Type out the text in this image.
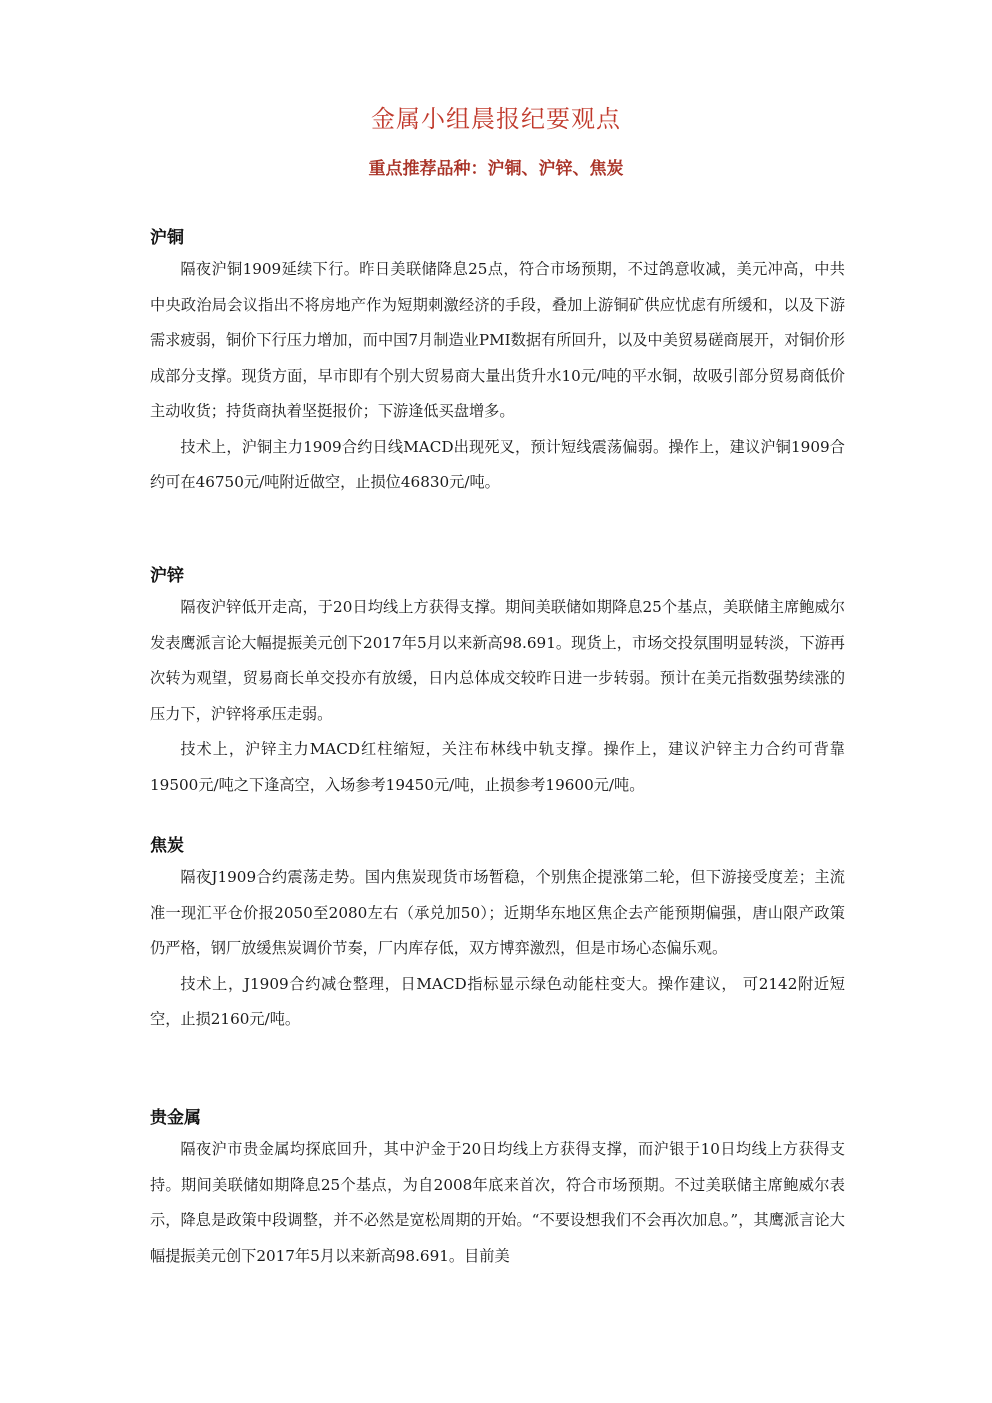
金属小组晨报纪要观点
重点推荐品种：沪铜、沪锌、焦炭
沪铜

隔夜沪铜1909延续下行。昨日美联储降息25点，符合市场预期，不过鸽意收减，美元冲高，中共中央政治局会议指出不将房地产作为短期刺激经济的手段，叠加上游铜矿供应忧虑有所缓和，以及下游需求疲弱，铜价下行压力增加，而中国7月制造业PMI数据有所回升，以及中美贸易磋商展开，对铜价形成部分支撑。现货方面，早市即有个别大贸易商大量出货升水10元/吨的平水铜，故吸引部分贸易商低价主动收货；持货商执着坚挺报价；下游逢低买盘增多。

技术上，沪铜主力1909合约日线MACD出现死叉，预计短线震荡偏弱。操作上，建议沪铜1909合约可在46750元/吨附近做空，止损位46830元/吨。

沪锌

隔夜沪锌低开走高，于20日均线上方获得支撑。期间美联储如期降息25个基点，美联储主席鲍威尔发表鹰派言论大幅提振美元创下2017年5月以来新高98.691。现货上，市场交投氛围明显转淡，下游再次转为观望，贸易商长单交投亦有放缓，日内总体成交较昨日进一步转弱。预计在美元指数强势续涨的压力下，沪锌将承压走弱。

技术上，沪锌主力MACD红柱缩短，关注布林线中轨支撑。操作上，建议沪锌主力合约可背靠19500元/吨之下逢高空，入场参考19450元/吨，止损参考19600元/吨。

焦炭

隔夜J1909合约震荡走势。国内焦炭现货市场暂稳，个别焦企提涨第二轮，但下游接受度差；主流准一现汇平仓价报2050至2080左右（承兑加50）；近期华东地区焦企去产能预期偏强，唐山限产政策仍严格，钢厂放缓焦炭调价节奏，厂内库存低，双方博弈激烈，但是市场心态偏乐观。

技术上，J1909合约减仓整理，日MACD指标显示绿色动能柱变大。操作建议， 可2142附近短空，止损2160元/吨。

贵金属

隔夜沪市贵金属均探底回升，其中沪金于20日均线上方获得支撑，而沪银于10日均线上方获得支持。期间美联储如期降息25个基点，为自2008年底来首次，符合市场预期。不过美联储主席鲍威尔表示，降息是政策中段调整，并不必然是宽松周期的开始。“不要设想我们不会再次加息。”，其鹰派言论大幅提振美元创下2017年5月以来新高98.691。目前美
